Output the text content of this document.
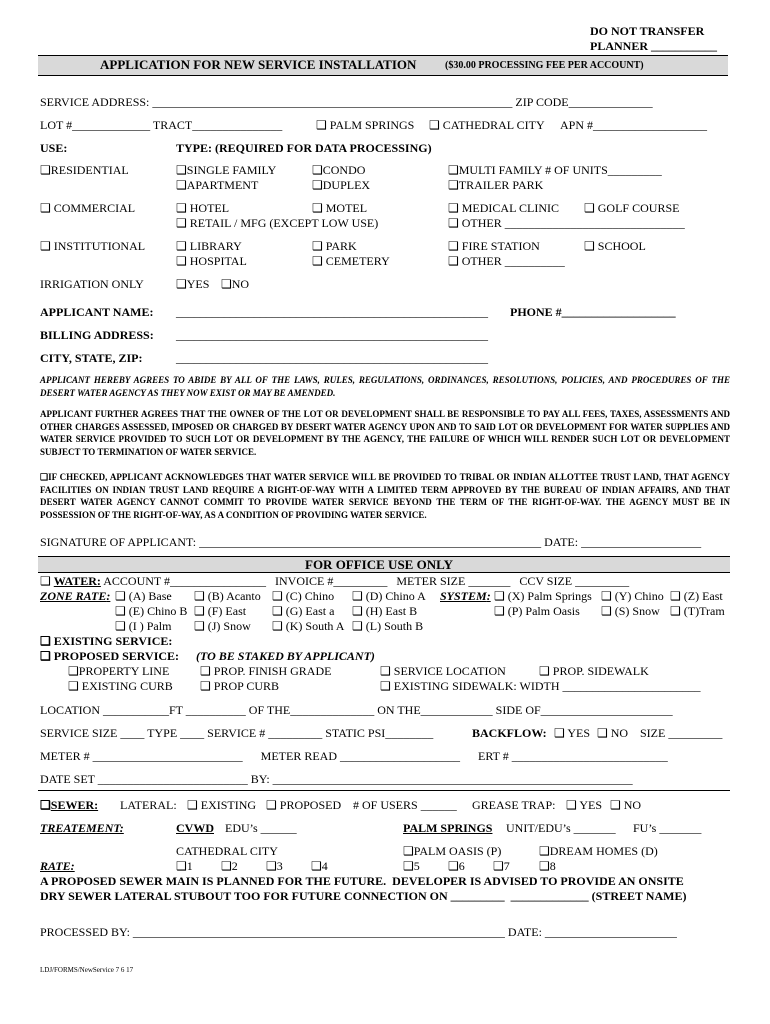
DO NOT TRANSFER
PLANNER ___________
APPLICATION FOR NEW SERVICE INSTALLATION	($30.00 PROCESSING FEE PER ACCOUNT)
SERVICE ADDRESS: ____________________________________________________________ ZIP CODE______________
LOT #_____________ TRACT_______________ ❑	PALM SPRINGS ❑	CATHEDRAL CITY APN #___________________
USE:	TYPE: (REQUIRED FOR DATA PROCESSING)
❑ RESIDENTIAL ❑	SINGLE FAMILY ❑	CONDO ❑	MULTI FAMILY # OF UNITS_________
❑ APARTMENT ❑	DUPLEX ❑	TRAILER PARK
❑  COMMERCIAL ❑	HOTEL ❑	MOTEL ❑	MEDICAL CLINIC ❑	GOLF COURSE
❑  RETAIL / MFG (EXCEPT LOW USE) ❑	OTHER ______________________________
❑  INSTITUTIONAL ❑	LIBRARY ❑	PARK ❑	FIRE STATION ❑	SCHOOL
❑  HOSPITAL ❑	CEMETERY ❑	OTHER __________
IRRIGATION ONLY ❑	YES ❑	NO
APPLICANT NAME: ____________________________________________________ PHONE #___________________
BILLING ADDRESS: ____________________________________________________
CITY, STATE, ZIP:	____________________________________________________
APPLICANT HEREBY AGREES TO ABIDE BY ALL OF THE LAWS, RULES, REGULATIONS, ORDINANCES, RESOLUTIONS, POLICIES, AND PROCEDURES OF THE DESERT WATER AGENCY AS THEY NOW EXIST OR MAY BE AMENDED.
APPLICANT FURTHER AGREES THAT THE OWNER OF THE LOT OR DEVELOPMENT SHALL BE RESPONSIBLE TO PAY ALL FEES, TAXES, ASSESSMENTS AND OTHER CHARGES ASSESSED, IMPOSED OR CHARGED BY DESERT WATER AGENCY UPON AND TO SAID LOT OR DEVELOPMENT FOR WATER SUPPLIES AND WATER SERVICE PROVIDED TO SUCH LOT OR DEVELOPMENT BY THE AGENCY, THE FAILURE OF WHICH WILL RENDER SUCH LOT OR DEVELOPMENT SUBJECT TO TERMINATION OF WATER SERVICE.
❑ IF CHECKED, APPLICANT ACKNOWLEDGES THAT WATER SERVICE WILL BE PROVIDED TO TRIBAL OR INDIAN ALLOTTEE TRUST LAND, THAT AGENCY FACILITIES ON INDIAN TRUST LAND REQUIRE A RIGHT-OF-WAY WITH A LIMITED TERM APPROVED BY THE BUREAU OF INDIAN AFFAIRS, AND THAT DESERT WATER AGENCY CANNOT COMMIT TO PROVIDE WATER SERVICE BEYOND THE TERM OF THE RIGHT-OF-WAY. THE AGENCY MUST BE IN POSSESSION OF THE RIGHT-OF-WAY, AS A CONDITION OF PROVIDING WATER SERVICE.
SIGNATURE OF APPLICANT: _________________________________________________________ DATE: ____________________
FOR OFFICE USE ONLY
❑  WATER: ACCOUNT #________________   INVOICE #_________   METER SIZE _______   CCV SIZE _________
ZONE RATE: ❑	(A) Base ❑	(B) Acanto ❑	(C) Chino ❑	(D) Chino A SYSTEM: ❑	(X) Palm Springs ❑	(Y) Chino ❑	(Z) East
❑  (E) Chino B ❑	(F) East ❑	(G) East a ❑	(H) East B ❑	(P) Palm Oasis ❑	(S) Snow ❑	(T)Tram
❑  (I ) Palm ❑	(J) Snow ❑	(K) South A ❑	(L) South B
❑  EXISTING SERVICE:
❑  PROPOSED SERVICE: (TO BE STAKED BY APPLICANT)
❑ PROPERTY LINE ❑	PROP. FINISH GRADE ❑	SERVICE LOCATION ❑	PROP. SIDEWALK
❑  EXISTING CURB ❑	PROP CURB ❑	EXISTING SIDEWALK: WIDTH _______________________
LOCATION ___________FT __________ OF THE______________ ON THE____________ SIDE OF______________________
SERVICE SIZE ____ TYPE ____ SERVICE # _________ STATIC PSI________	BACKFLOW: ❑	YES ❑	NO SIZE _________
METER # _________________________      METER READ ____________________      ERT # __________________________
DATE SET _________________________ BY: ____________________________________________________________
❑ SEWER: LATERAL: ❑	EXISTING ❑	PROPOSED # OF USERS ______ GREASE TRAP: ❑	YES ❑	NO
TREATEMENT:	CVWD EDU’s ______	PALM SPRINGS UNIT/EDU’s _______ FU’s _______
CATHEDRAL CITY ❑	PALM OASIS (P) ❑	DREAM HOMES (D)
RATE: ❑	1 ❑	2 ❑	3 ❑	4 ❑	5 ❑	6 ❑	7 ❑	8
A PROPOSED SEWER MAIN IS PLANNED FOR THE FUTURE.  DEVELOPER IS ADVISED TO PROVIDE AN ONSITE
DRY SEWER LATERAL STUBOUT TOO FOR FUTURE CONNECTION ON _________  _____________ (STREET NAME)
PROCESSED BY: ______________________________________________________________ DATE: ______________________
LDJ/FORMS/NewService 7 6 17
